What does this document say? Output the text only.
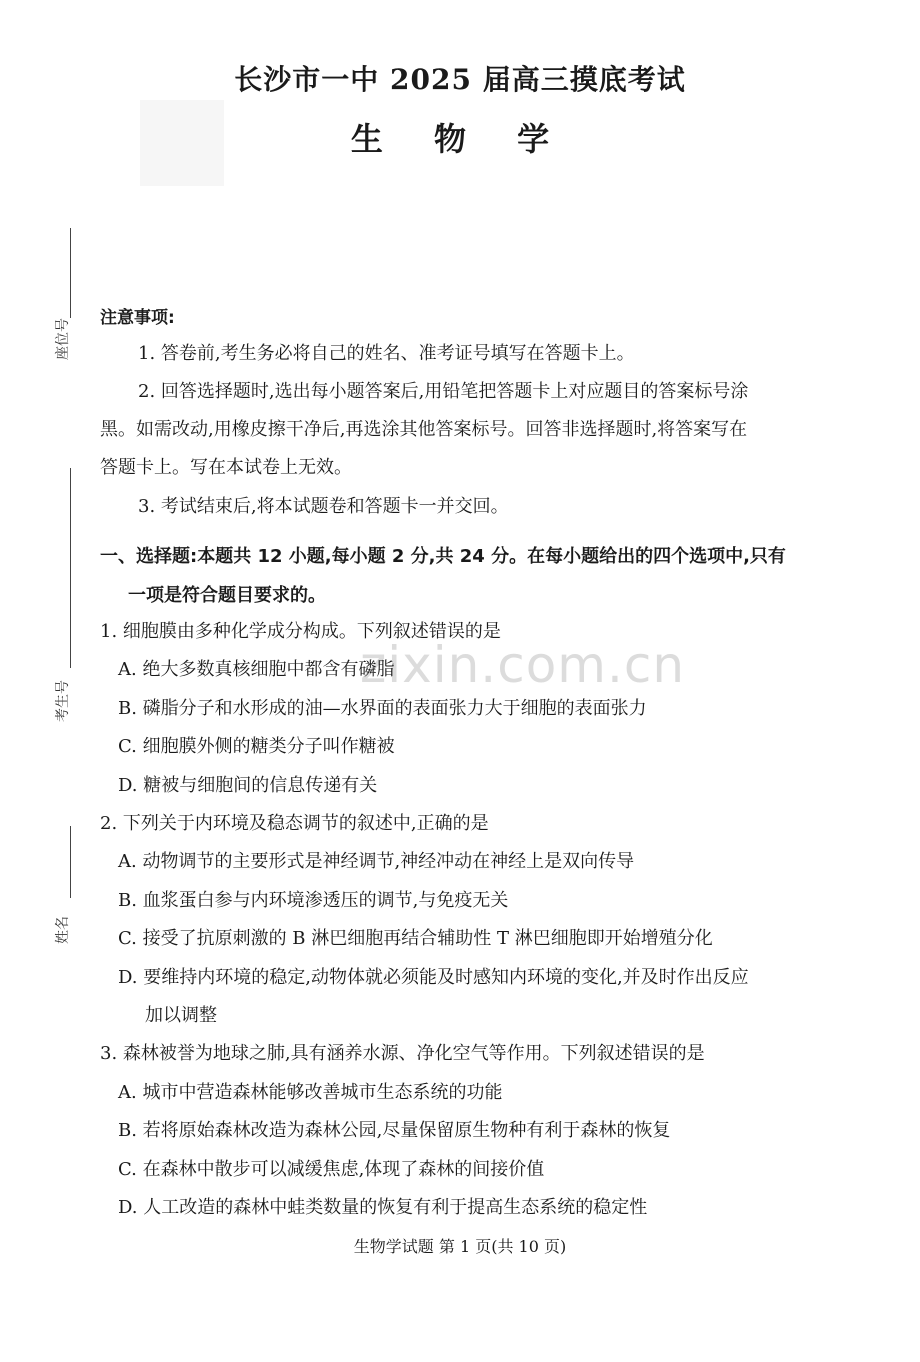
长沙市一中 2025 届高三摸底考试
生 物 学
座位号
考生号
姓名
zixin.com.cn
注意事项:
1. 答卷前,考生务必将自己的姓名、准考证号填写在答题卡上。
2. 回答选择题时,选出每小题答案后,用铅笔把答题卡上对应题目的答案标号涂
黑。如需改动,用橡皮擦干净后,再选涂其他答案标号。回答非选择题时,将答案写在
答题卡上。写在本试卷上无效。
3. 考试结束后,将本试题卷和答题卡一并交回。
一、选择题:本题共 12 小题,每小题 2 分,共 24 分。在每小题给出的四个选项中,只有
一项是符合题目要求的。
1. 细胞膜由多种化学成分构成。下列叙述错误的是
A. 绝大多数真核细胞中都含有磷脂
B. 磷脂分子和水形成的油—水界面的表面张力大于细胞的表面张力
C. 细胞膜外侧的糖类分子叫作糖被
D. 糖被与细胞间的信息传递有关
2. 下列关于内环境及稳态调节的叙述中,正确的是
A. 动物调节的主要形式是神经调节,神经冲动在神经上是双向传导
B. 血浆蛋白参与内环境渗透压的调节,与免疫无关
C. 接受了抗原刺激的 B 淋巴细胞再结合辅助性 T 淋巴细胞即开始增殖分化
D. 要维持内环境的稳定,动物体就必须能及时感知内环境的变化,并及时作出反应
加以调整
3. 森林被誉为地球之肺,具有涵养水源、净化空气等作用。下列叙述错误的是
A. 城市中营造森林能够改善城市生态系统的功能
B. 若将原始森林改造为森林公园,尽量保留原生物种有利于森林的恢复
C. 在森林中散步可以减缓焦虑,体现了森林的间接价值
D. 人工改造的森林中蛙类数量的恢复有利于提高生态系统的稳定性
生物学试题 第 1 页(共 10 页)
